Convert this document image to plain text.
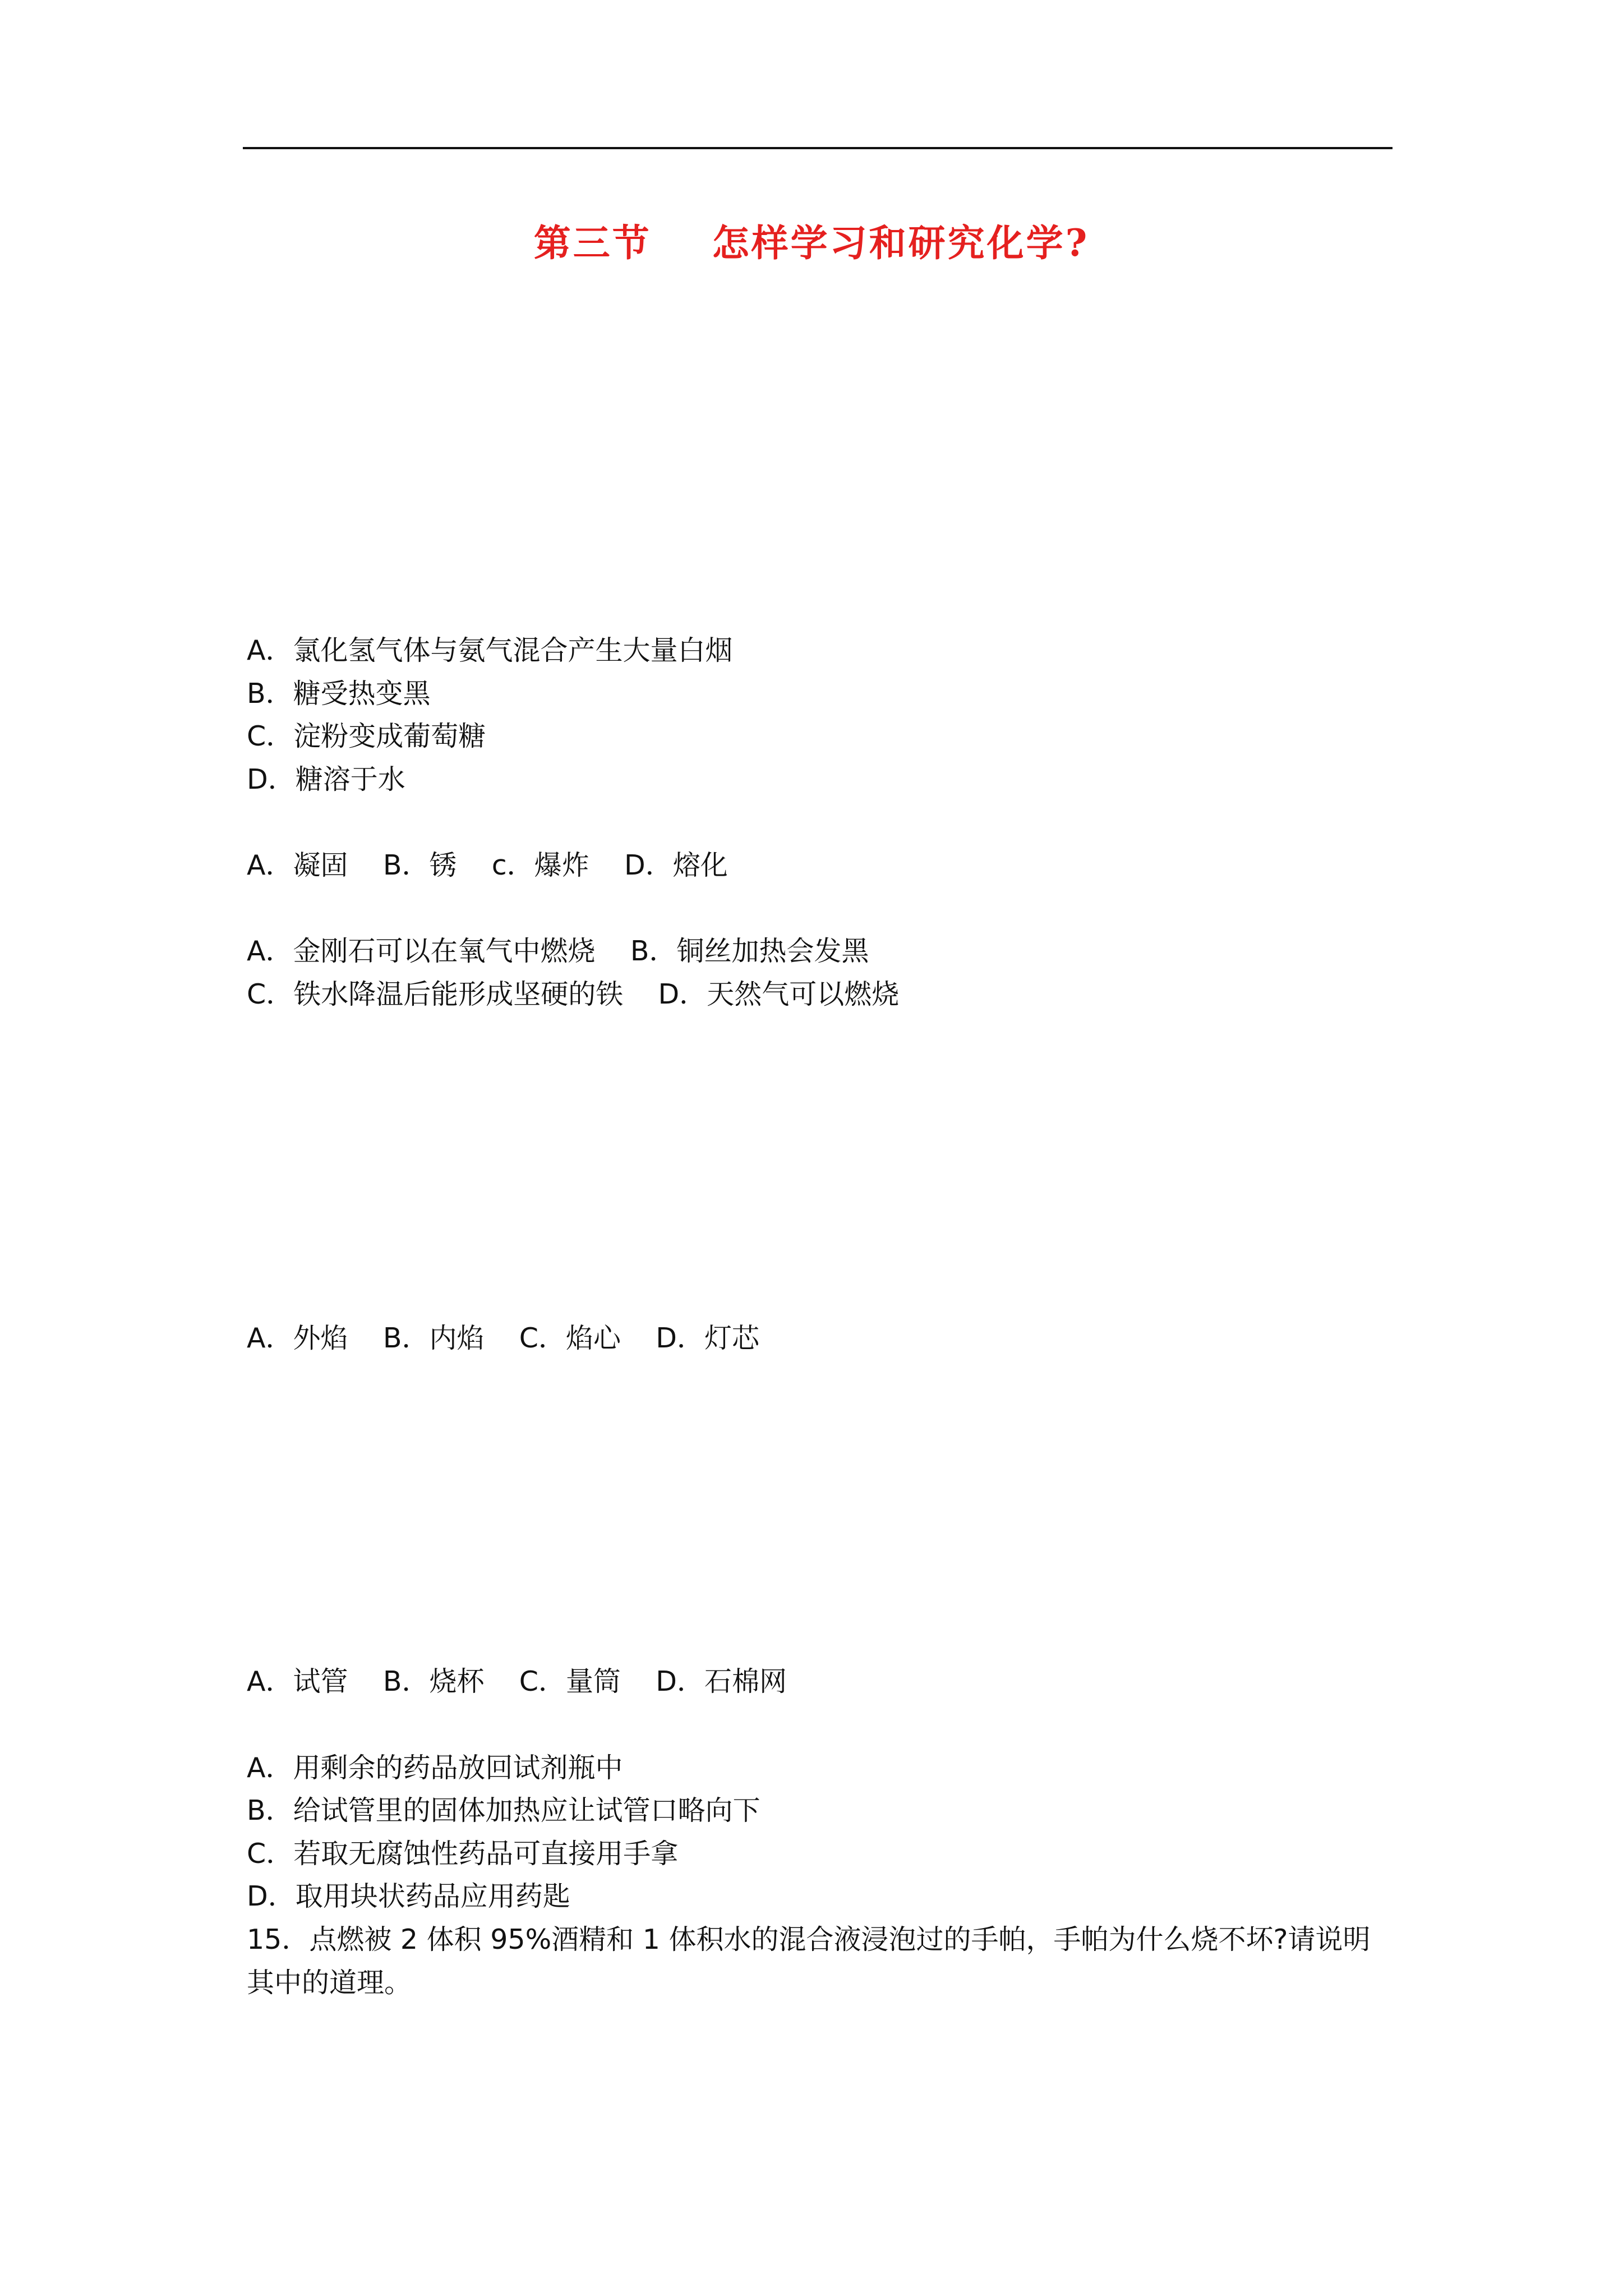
第三节    怎样学习和研究化学?

A．氯化氢气体与氨气混合产生大量白烟
B．糖受热变黑
C．淀粉变成葡萄糖
D．糖溶于水

A．凝固    B．锈    c．爆炸    D．熔化

A．金刚石可以在氧气中燃烧    B．铜丝加热会发黑
C．铁水降温后能形成坚硬的铁    D．天然气可以燃烧

A．外焰    B．内焰    C．焰心    D．灯芯

A．试管    B．烧杯    C．量筒    D．石棉网

A．用剩余的药品放回试剂瓶中
B．给试管里的固体加热应让试管口略向下
C．若取无腐蚀性药品可直接用手拿
D．取用块状药品应用药匙
15．点燃被 2 体积 95%酒精和 1 体积水的混合液浸泡过的手帕，手帕为什么烧不坏?请说明
其中的道理。
